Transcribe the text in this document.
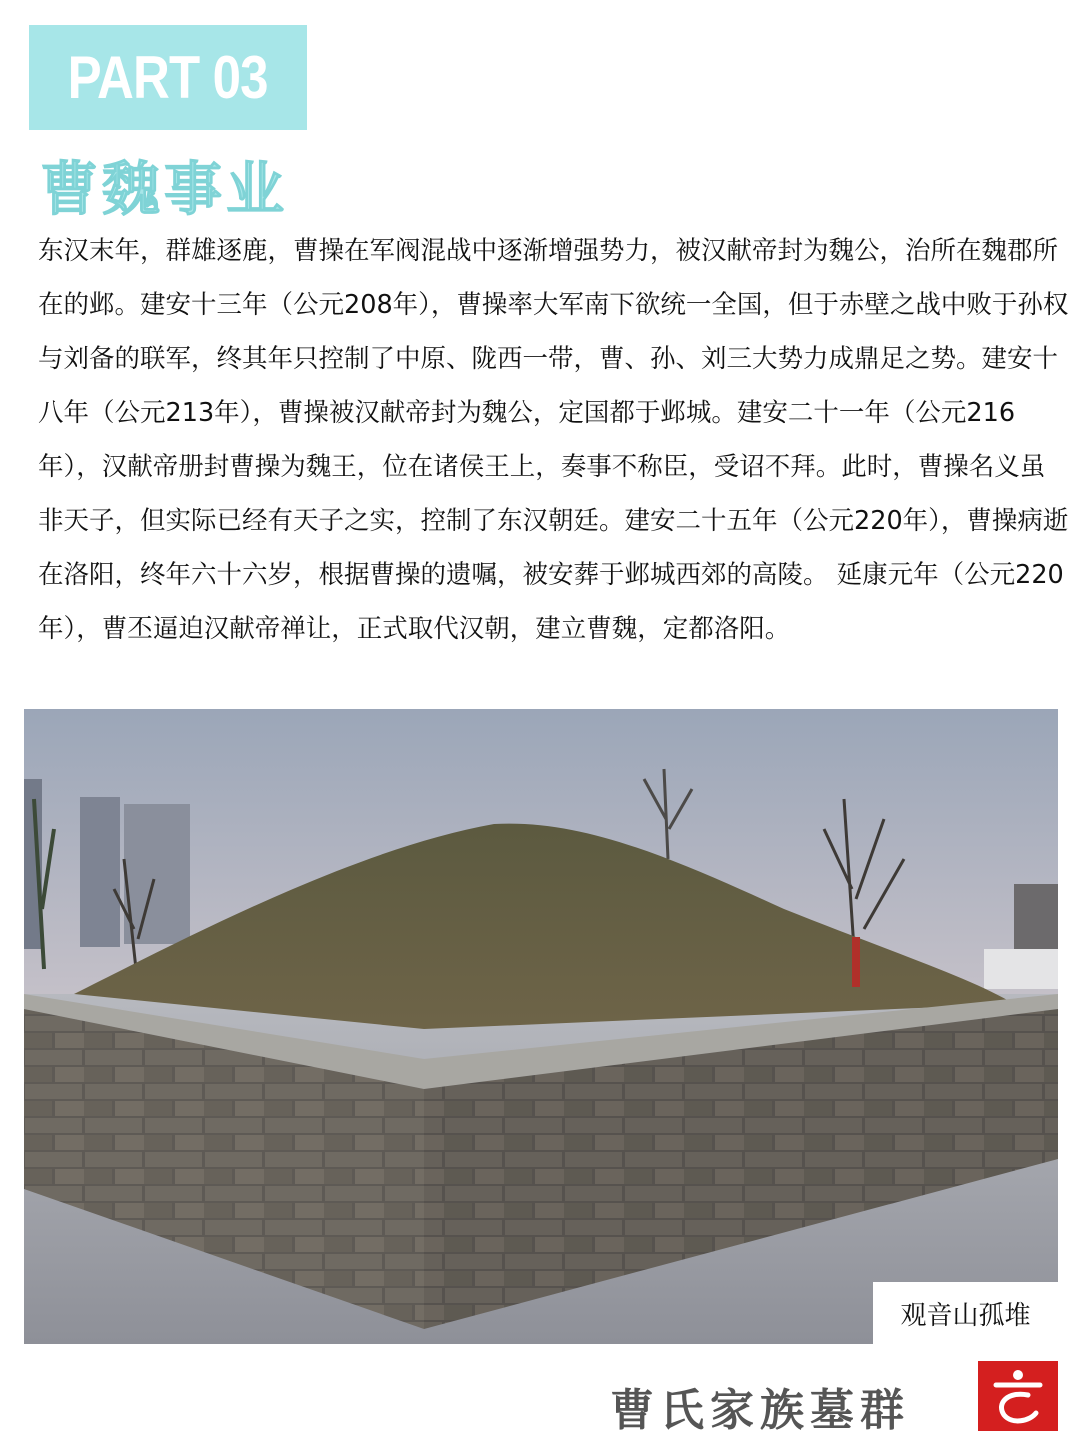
PART 03
曹魏事业

东汉末年，群雄逐鹿，曹操在军阀混战中逐渐增强势力，被汉献帝封为魏公，治所在魏郡所在的邺。建安十三年（公元208年），曹操率大军南下欲统一全国，但于赤壁之战中败于孙权与刘备的联军，终其年只控制了中原、陇西一带，曹、孙、刘三大势力成鼎足之势。建安十八年（公元213年），曹操被汉献帝封为魏公，定国都于邺城。建安二十一年（公元216年），汉献帝册封曹操为魏王，位在诸侯王上，奏事不称臣，受诏不拜。此时，曹操名义虽非天子，但实际已经有天子之实，控制了东汉朝廷。建安二十五年（公元220年），曹操病逝在洛阳，终年六十六岁，根据曹操的遗嘱，被安葬于邺城西郊的高陵。 延康元年（公元220年），曹丕逼迫汉献帝禅让，正式取代汉朝，建立曹魏，定都洛阳。

观音山孤堆
曹氏家族墓群
